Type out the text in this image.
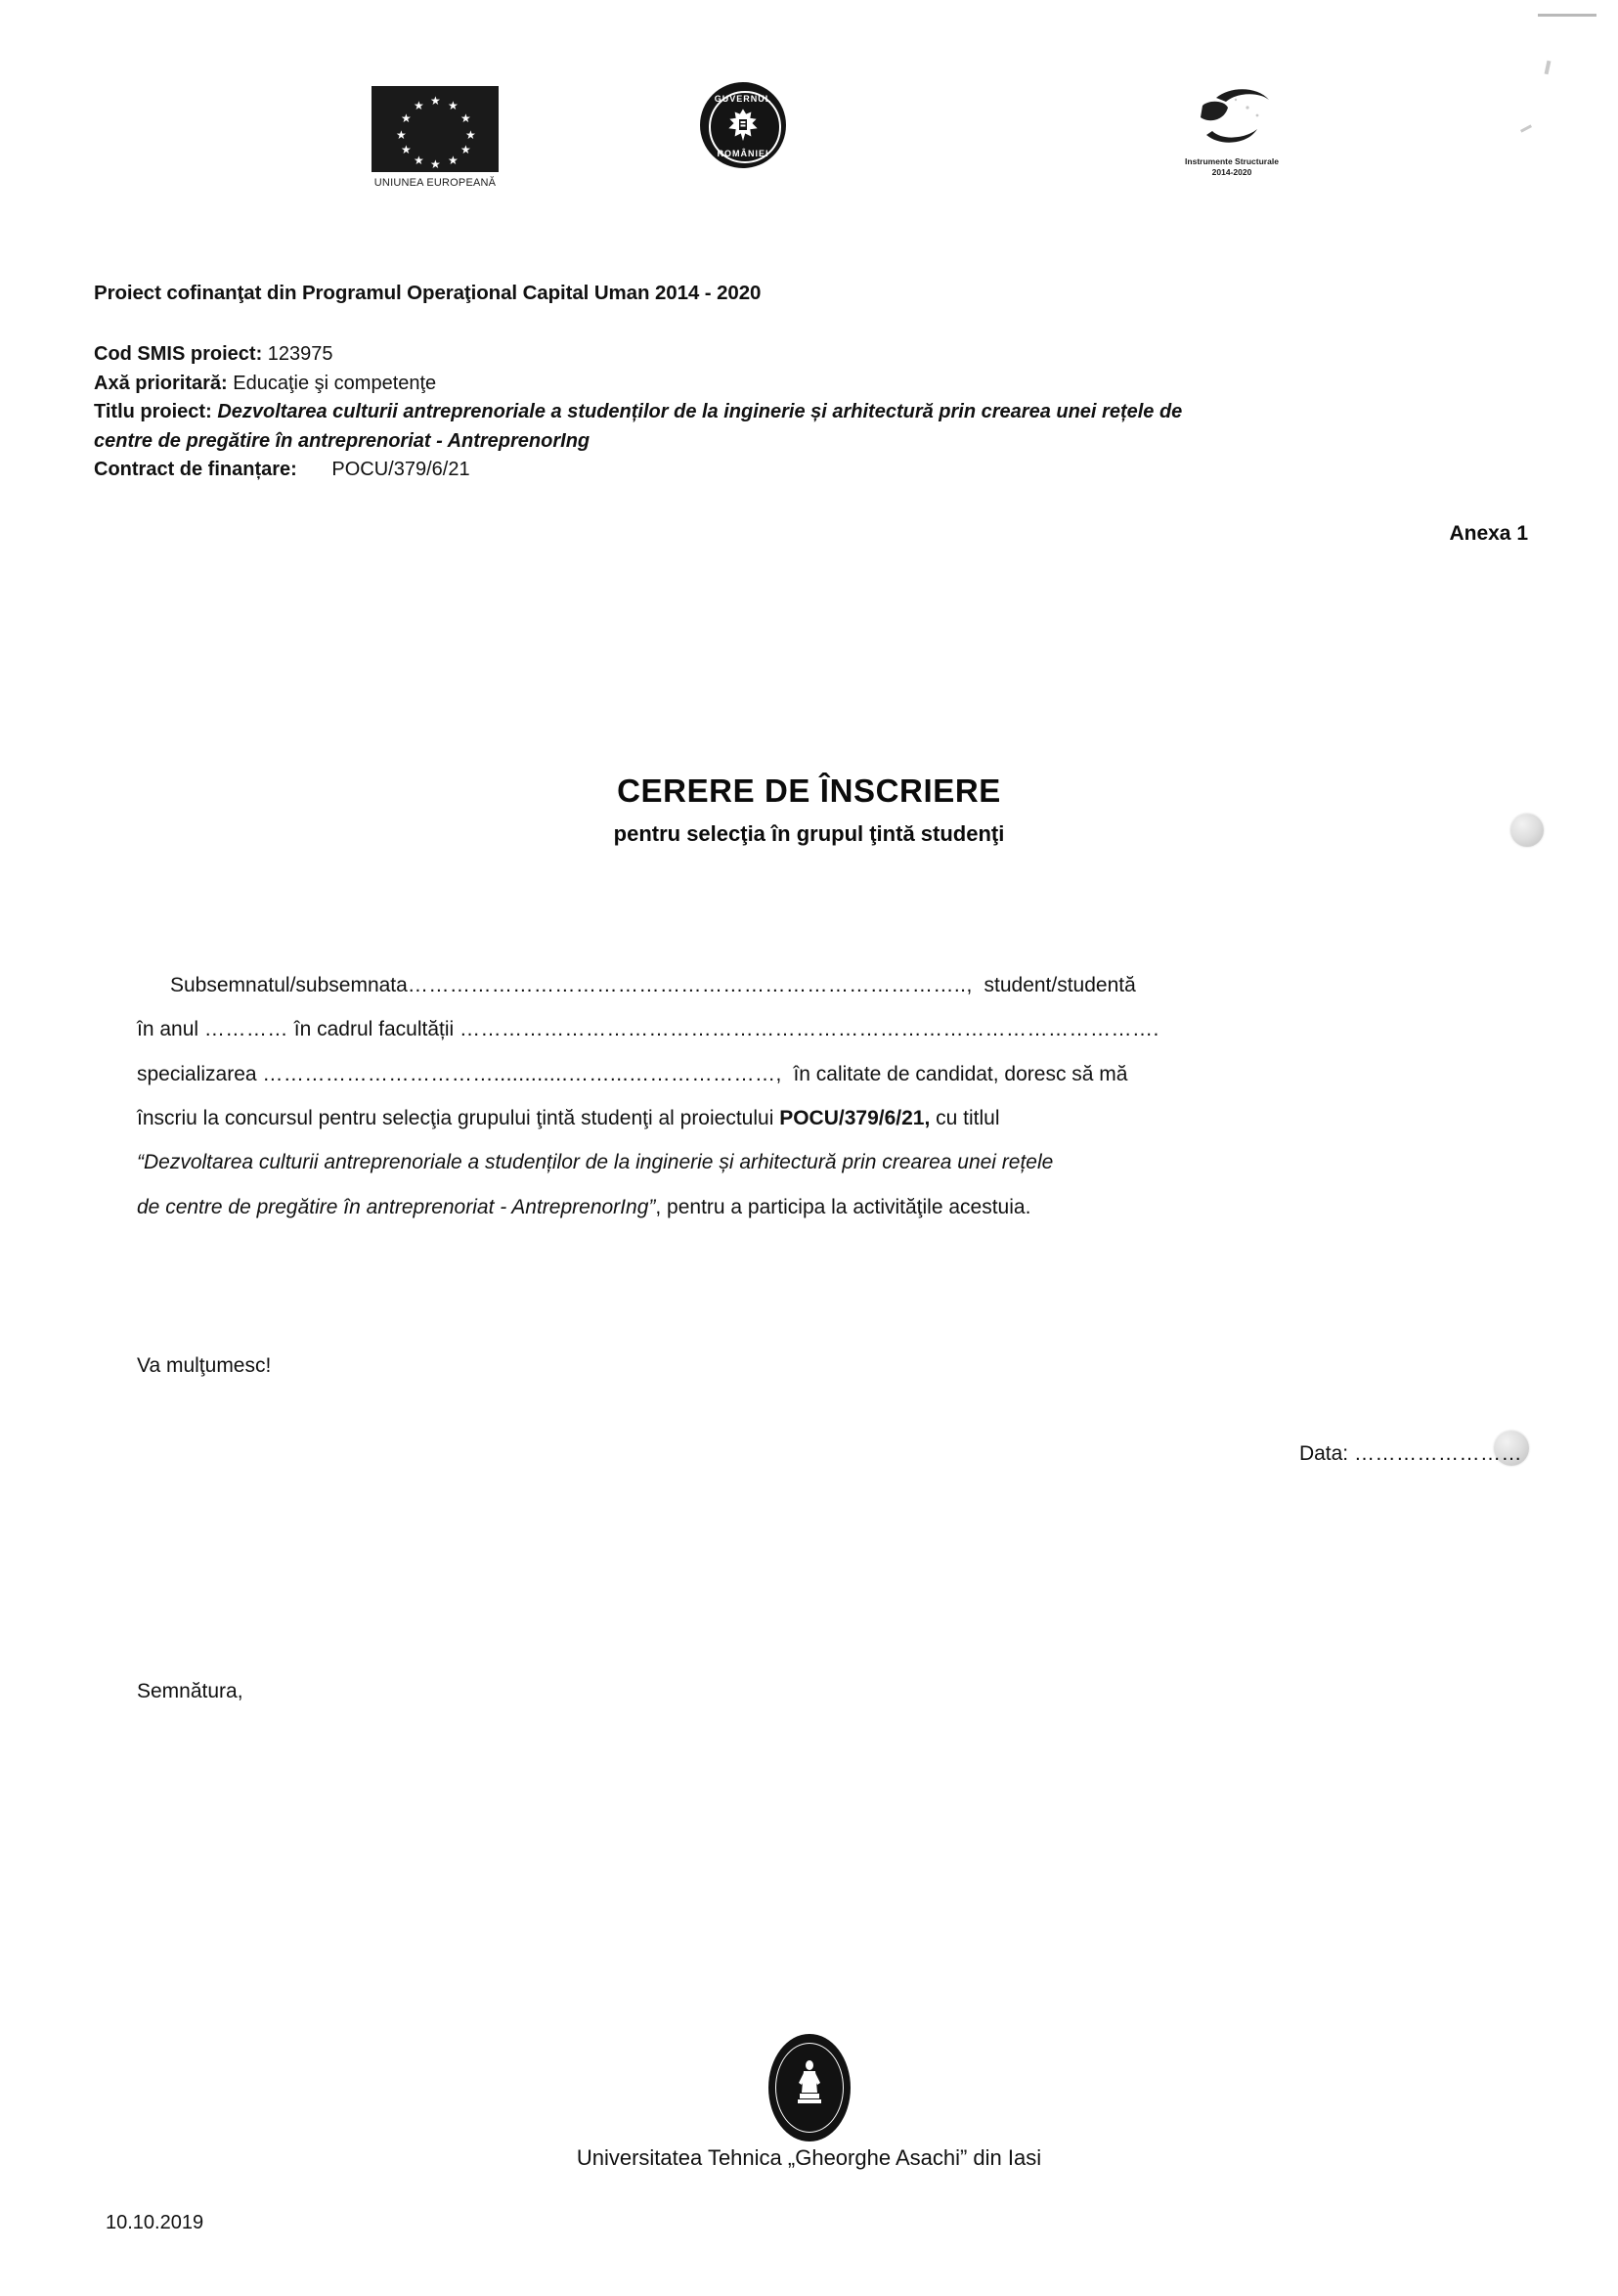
★ ★
★
★
★
★
★
★
★
★
★
★
UNIUNEA EUROPEANĂ
GUVERNUL
ROMÂNIEI
Instrumente Structurale
2014-2020
Proiect cofinanţat din Programul Operaţional Capital Uman 2014 - 2020
Cod SMIS proiect: 123975
Axă prioritară: Educaţie şi competenţe
Titlu proiect: Dezvoltarea culturii antreprenoriale a studenților de la inginerie și arhitectură prin crearea unei rețele de
centre de pregătire în antreprenoriat - AntreprenorIng
Contract de finanțare: POCU/379/6/21
Anexa 1
CERERE DE ÎNSCRIERE
pentru selecţia în grupul ţintă studenţi

Subsemnatul/subsemnata…………………………………………………………………….., student/studentă

în anul ………… în cadrul facultății ……………………………………………………………………………………….

specializarea ……………………………............……...…………………, în calitate de candidat, doresc să mă

înscriu la concursul pentru selecţia grupului ţintă studenţi al proiectului POCU/379/6/21, cu titlul

“Dezvoltarea culturii antreprenoriale a studenților de la inginerie și arhitectură prin crearea unei rețele

de centre de pregătire în antreprenoriat - AntreprenorIng”, pentru a participa la activităţile acestuia.

Va mulţumesc!
Data: ……………………
Semnătura,
Universitatea Tehnica „Gheorghe Asachi” din Iasi
10.10.2019
